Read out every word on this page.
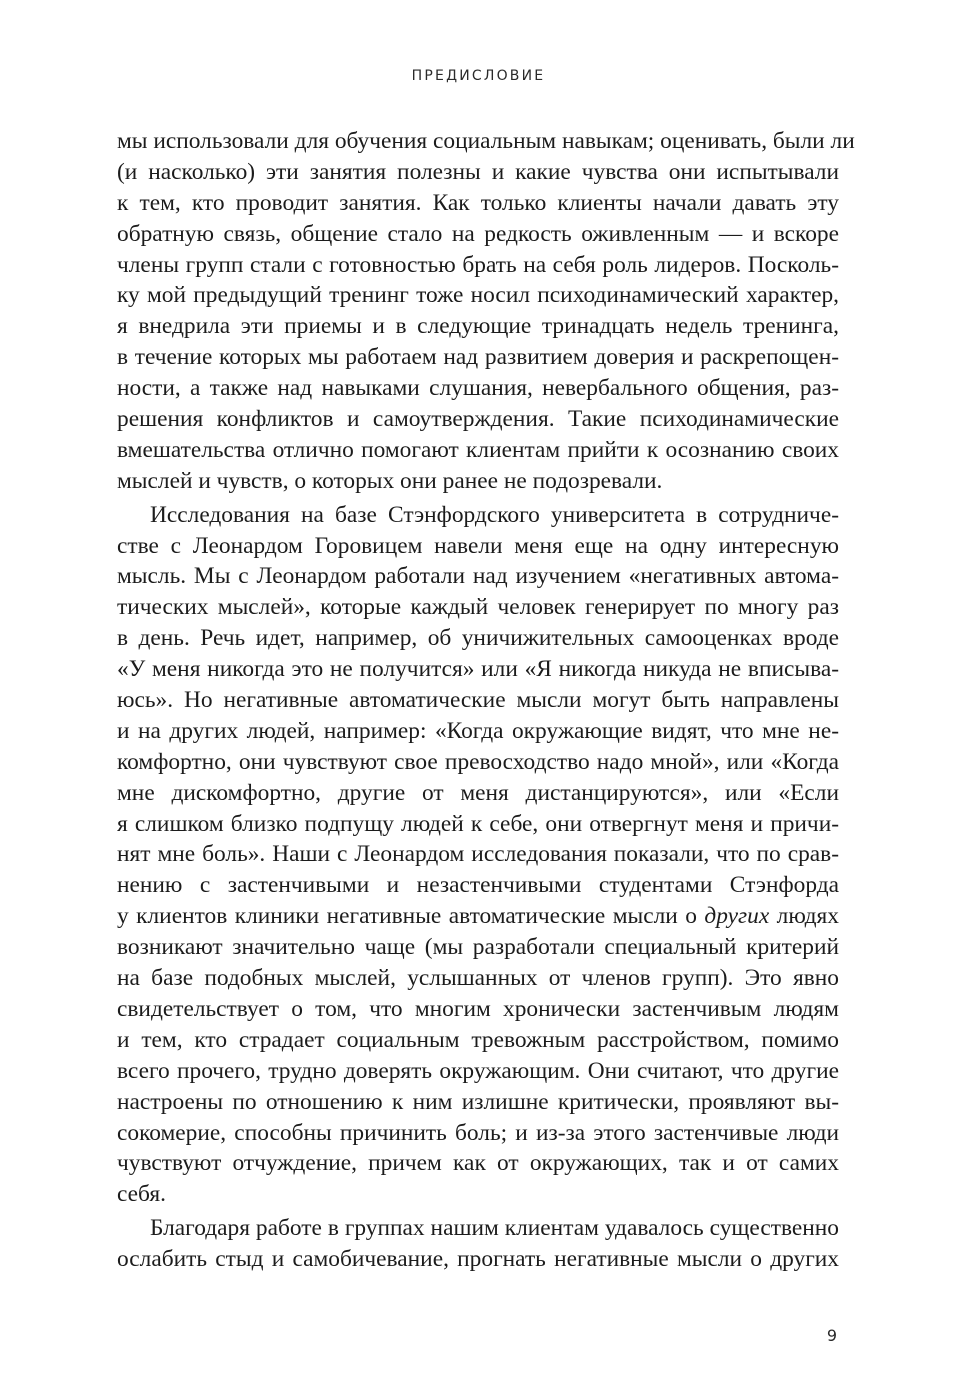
ПРЕДИСЛОВИЕ
мы использовали для обучения социальным навыкам; оценивать, были ли
(и насколько) эти занятия полезны и какие чувства они испытывали
к тем, кто проводит занятия. Как только клиенты начали давать эту
обратную связь, общение стало на редкость оживленным — и вскоре
члены групп стали с готовностью брать на себя роль лидеров. Посколь-
ку мой предыдущий тренинг тоже носил психодинамический характер,
я внедрила эти приемы и в следующие тринадцать недель тренинга,
в течение которых мы работаем над развитием доверия и раскрепощен-
ности, а также над навыками слушания, невербального общения, раз-
решения конфликтов и самоутверждения. Такие психодинамические
вмешательства отлично помогают клиентам прийти к осознанию своих
мыслей и чувств, о которых они ранее не подозревали.
Исследования на базе Стэнфордского университета в сотрудниче-
стве с Леонардом Горовицем навели меня еще на одну интересную
мысль. Мы с Леонардом работали над изучением «негативных автома-
тических мыслей», которые каждый человек генерирует по многу раз
в день. Речь идет, например, об уничижительных самооценках вроде
«У меня никогда это не получится» или «Я никогда никуда не вписыва-
юсь». Но негативные автоматические мысли могут быть направлены
и на других людей, например: «Когда окружающие видят, что мне не-
комфортно, они чувствуют свое превосходство надо мной», или «Когда
мне дискомфортно, другие от меня дистанцируются», или «Если
я слишком близко подпущу людей к себе, они отвергнут меня и причи-
нят мне боль». Наши с Леонардом исследования показали, что по срав-
нению с застенчивыми и незастенчивыми студентами Стэнфорда
у клиентов клиники негативные автоматические мысли о других людях
возникают значительно чаще (мы разработали специальный критерий
на базе подобных мыслей, услышанных от членов групп). Это явно
свидетельствует о том, что многим хронически застенчивым людям
и тем, кто страдает социальным тревожным расстройством, помимо
всего прочего, трудно доверять окружающим. Они считают, что другие
настроены по отношению к ним излишне критически, проявляют вы-
сокомерие, способны причинить боль; и из-за этого застенчивые люди
чувствуют отчуждение, причем как от окружающих, так и от самих
себя.
Благодаря работе в группах нашим клиентам удавалось существенно
ослабить стыд и самобичевание, прогнать негативные мысли о других
9
